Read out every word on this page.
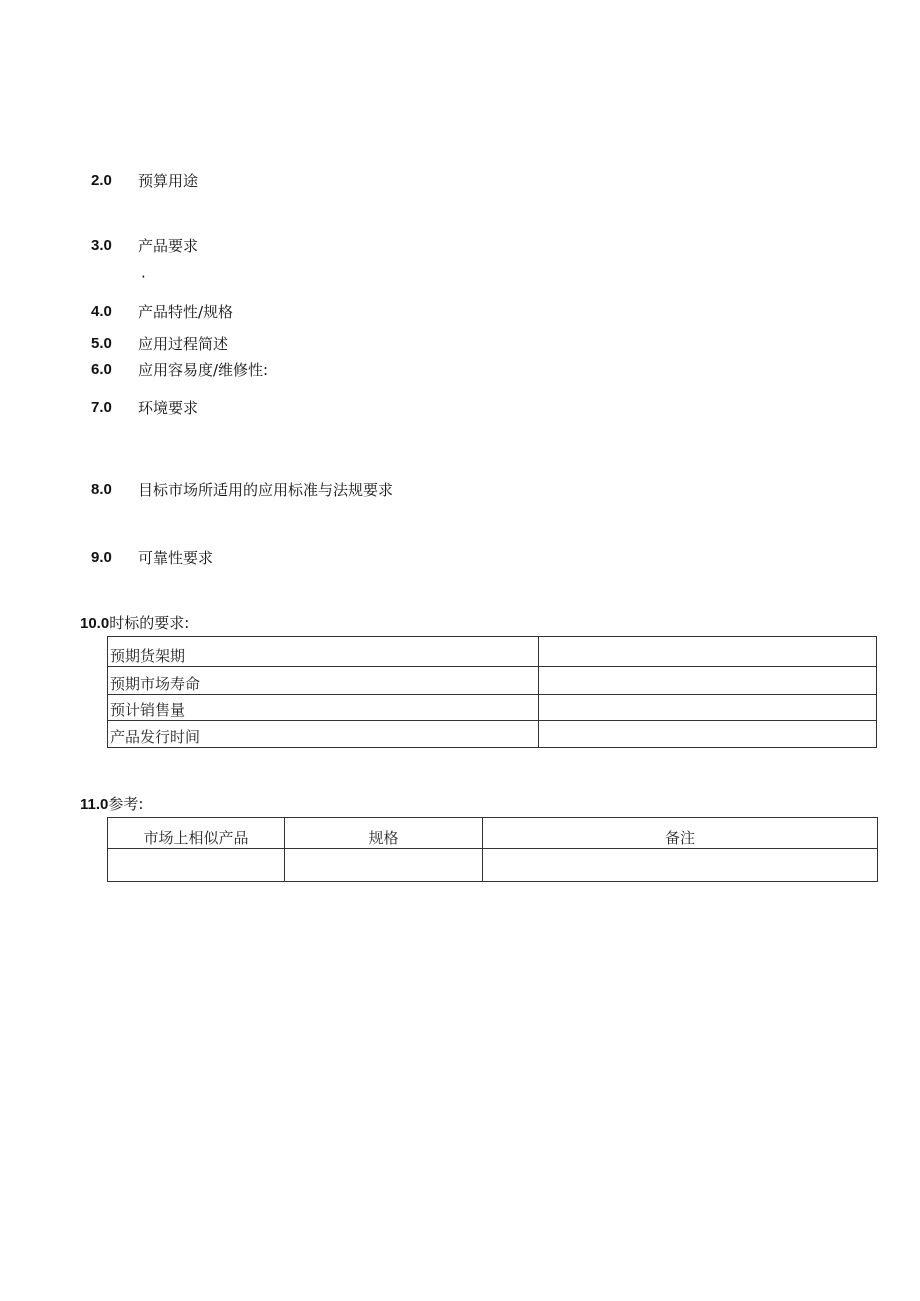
2.0 预算用途
3.0 产品要求
·
4.0 产品特性/规格
5.0 应用过程简述
6.0 应用容易度/维修性:
7.0 环境要求
8.0 目标市场所适用的应用标准与法规要求
9.0 可靠性要求
10.0时标的要求:
预期货架期	
预期市场寿命	
预计销售量	
产品发行时间	
11.0参考:
市场上相似产品	规格	备注
